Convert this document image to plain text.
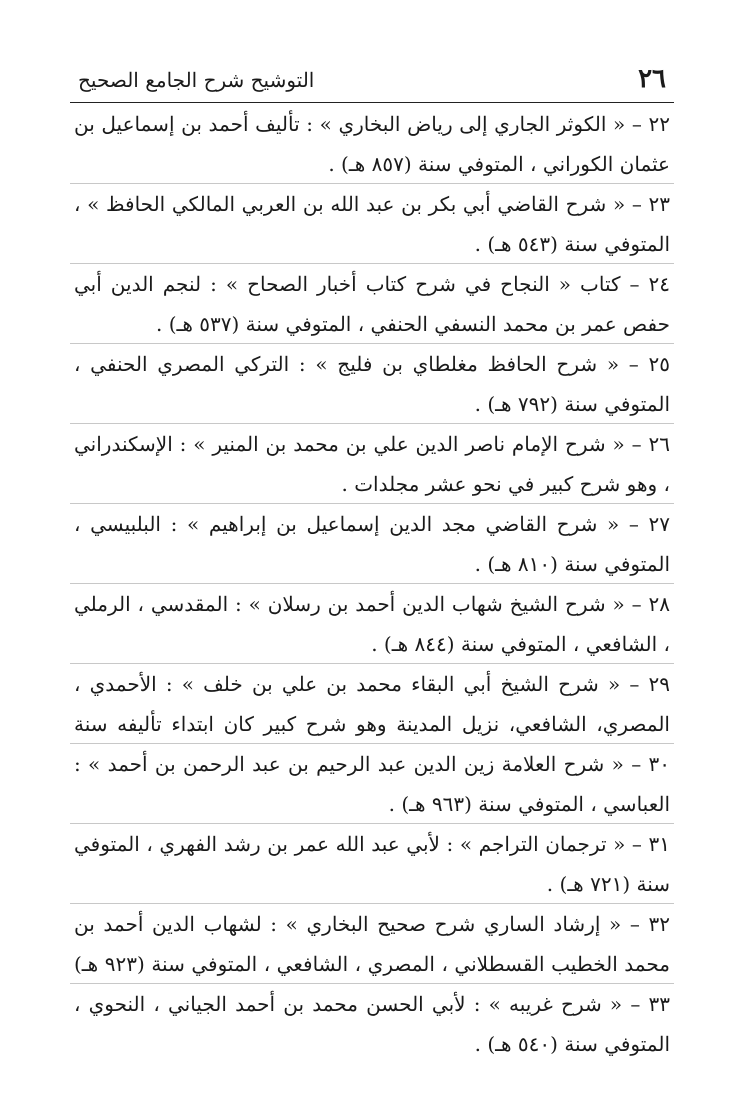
٢٦
التوشيح شرح الجامع الصحيح

٢٢ – « الكوثر الجاري إلى رياض البخاري » : تأليف أحمد بن إسماعيل بن عثمان الكوراني ، المتوفي سنة (٨٥٧ هـ) .

٢٣ – « شرح القاضي أبي بكر بن عبد الله بن العربي المالكي الحافظ » ، المتوفي سنة (٥٤٣ هـ) .

٢٤ – كتاب « النجاح في شرح كتاب أخبار الصحاح » : لنجم الدين أبي حفص عمر بن محمد النسفي الحنفي ، المتوفي سنة (٥٣٧ هـ) .

٢٥ – « شرح الحافظ مغلطاي بن فليج » : التركي المصري الحنفي ، المتوفي سنة (٧٩٢ هـ) .

٢٦ – « شرح الإمام ناصر الدين علي بن محمد بن المنير » : الإسكندراني ، وهو شرح كبير في نحو عشر مجلدات .

٢٧ – « شرح القاضي مجد الدين إسماعيل بن إبراهيم » : البلبيسي ، المتوفي سنة (٨١٠ هـ) .

٢٨ – « شرح الشيخ شهاب الدين أحمد بن رسلان » : المقدسي ، الرملي ، الشافعي ، المتوفي سنة (٨٤٤ هـ) .

٢٩ – « شرح الشيخ أبي البقاء محمد بن علي بن خلف » : الأحمدي ، المصري، الشافعي، نزيل المدينة وهو شرح كبير كان ابتداء تأليفه سنة

٣٠ – « شرح العلامة زين الدين عبد الرحيم بن عبد الرحمن بن أحمد » : العباسي ، المتوفي سنة (٩٦٣ هـ) .

٣١ – « ترجمان التراجم » : لأبي عبد الله عمر بن رشد الفهري ، المتوفي سنة (٧٢١ هـ) .

٣٢ – « إرشاد الساري شرح صحيح البخاري » : لشهاب الدين أحمد بن محمد الخطيب القسطلاني ، المصري ، الشافعي ، المتوفي سنة (٩٢٣ هـ)

٣٣ – « شرح غريبه » : لأبي الحسن محمد بن أحمد الجياني ، النحوي ، المتوفي سنة (٥٤٠ هـ) .
